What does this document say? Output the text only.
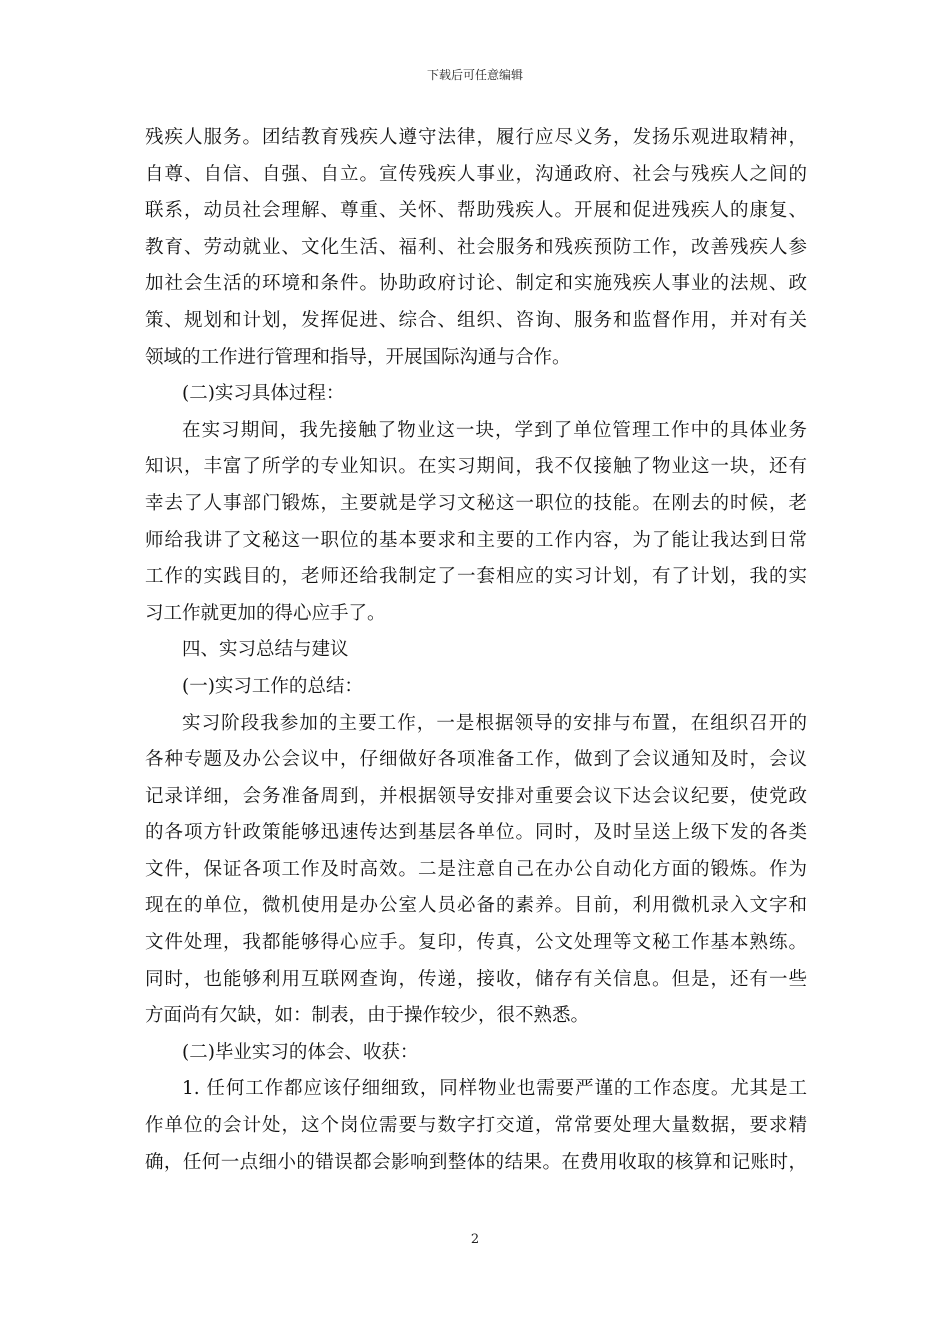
下载后可任意编辑
残疾人服务。团结教育残疾人遵守法律，履行应尽义务，发扬乐观进取精神，
自尊、自信、自强、自立。宣传残疾人事业，沟通政府、社会与残疾人之间的
联系，动员社会理解、尊重、关怀、帮助残疾人。开展和促进残疾人的康复、
教育、劳动就业、文化生活、福利、社会服务和残疾预防工作，改善残疾人参
加社会生活的环境和条件。协助政府讨论、制定和实施残疾人事业的法规、政
策、规划和计划，发挥促进、综合、组织、咨询、服务和监督作用，并对有关
领域的工作进行管理和指导，开展国际沟通与合作。
(二)实习具体过程：
在实习期间，我先接触了物业这一块，学到了单位管理工作中的具体业务
知识，丰富了所学的专业知识。在实习期间，我不仅接触了物业这一块，还有
幸去了人事部门锻炼，主要就是学习文秘这一职位的技能。在刚去的时候，老
师给我讲了文秘这一职位的基本要求和主要的工作内容，为了能让我达到日常
工作的实践目的，老师还给我制定了一套相应的实习计划，有了计划，我的实
习工作就更加的得心应手了。
四、实习总结与建议
(一)实习工作的总结：
实习阶段我参加的主要工作，一是根据领导的安排与布置，在组织召开的
各种专题及办公会议中，仔细做好各项准备工作，做到了会议通知及时，会议
记录详细，会务准备周到，并根据领导安排对重要会议下达会议纪要，使党政
的各项方针政策能够迅速传达到基层各单位。同时，及时呈送上级下发的各类
文件，保证各项工作及时高效。二是注意自己在办公自动化方面的锻炼。作为
现在的单位，微机使用是办公室人员必备的素养。目前，利用微机录入文字和
文件处理，我都能够得心应手。复印，传真，公文处理等文秘工作基本熟练。
同时，也能够利用互联网查询，传递，接收，储存有关信息。但是，还有一些
方面尚有欠缺，如：制表，由于操作较少，很不熟悉。
(二)毕业实习的体会、收获：
1. 任何工作都应该仔细细致，同样物业也需要严谨的工作态度。尤其是工
作单位的会计处，这个岗位需要与数字打交道，常常要处理大量数据，要求精
确，任何一点细小的错误都会影响到整体的结果。在费用收取的核算和记账时，
2
